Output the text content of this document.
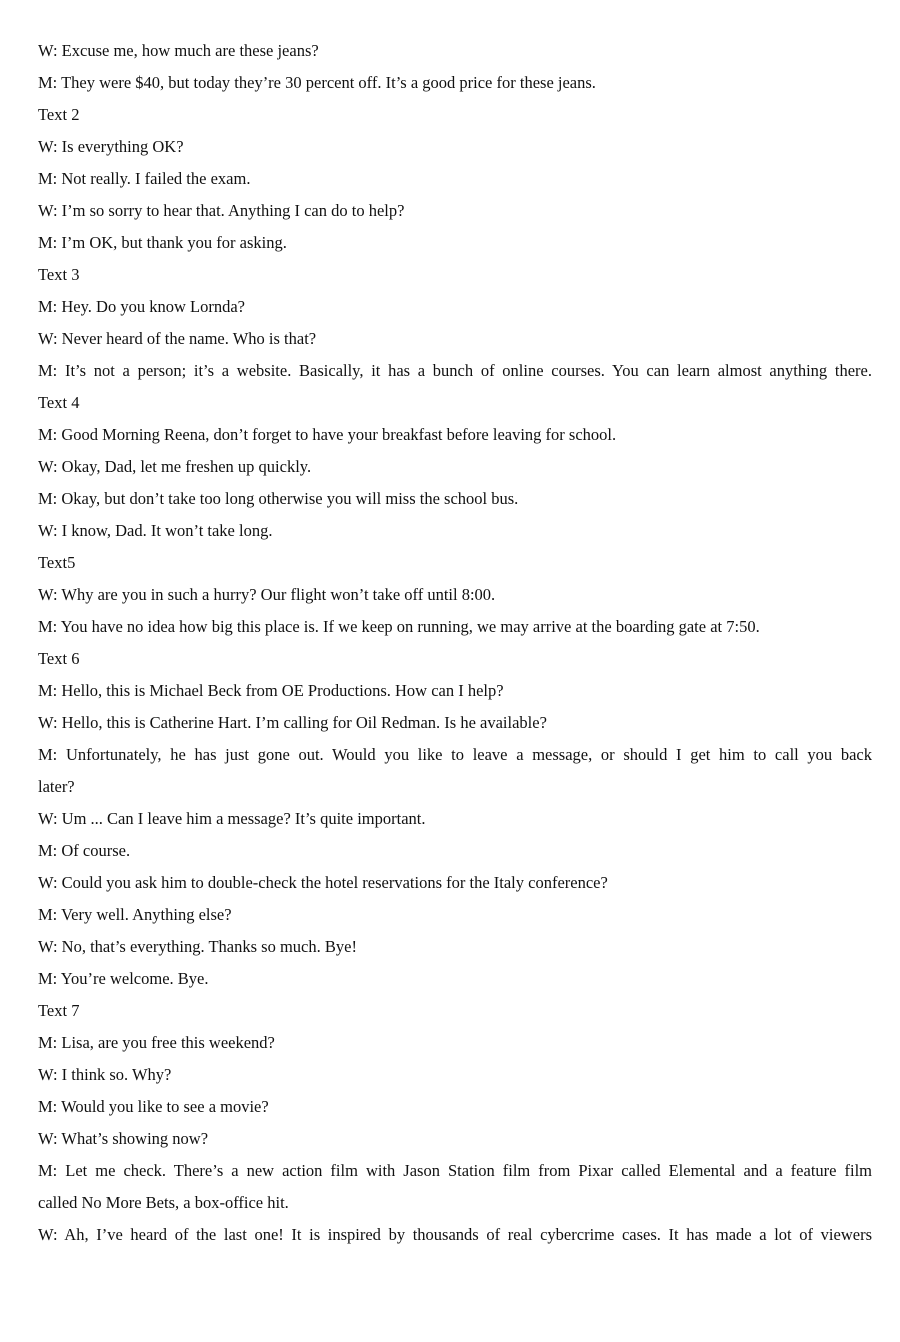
W: Excuse me, how much are these jeans?
M: They were $40, but today they’re 30 percent off. It’s a good price for these jeans.
Text 2
W: Is everything OK?
M: Not really. I failed the exam.
W: I’m so sorry to hear that. Anything I can do to help?
M: I’m OK, but thank you for asking.
Text 3
M: Hey. Do you know Lornda?
W: Never heard of the name. Who is that?
M: It’s not a person; it’s a website. Basically, it has a bunch of online courses. You can learn almost anything there.
Text 4
M: Good Morning Reena, don’t forget to have your breakfast before leaving for school.
W: Okay, Dad, let me freshen up quickly.
M: Okay, but don’t take too long otherwise you will miss the school bus.
W: I know, Dad. It won’t take long.
Text5
W: Why are you in such a hurry? Our flight won’t take off until 8:00.
M: You have no idea how big this place is. If we keep on running, we may arrive at the boarding gate at 7:50.
Text 6
M: Hello, this is Michael Beck from OE Productions. How can I help?
W: Hello, this is Catherine Hart. I’m calling for Oil Redman. Is he available?
M: Unfortunately, he has just gone out. Would you like to leave a message, or should I get him to call you back
later?
W: Um ... Can I leave him a message? It’s quite important.
M: Of course.
W: Could you ask him to double-check the hotel reservations for the Italy conference?
M: Very well. Anything else?
W: No, that’s everything. Thanks so much. Bye!
M: You’re welcome. Bye.
Text 7
M: Lisa, are you free this weekend?
W: I think so. Why?
M: Would you like to see a movie?
W: What’s showing now?
M: Let me check. There’s a new action film with Jason Station film from Pixar called Elemental and a feature film
called No More Bets, a box-office hit.
W: Ah, I’ve heard of the last one! It is inspired by thousands of real cybercrime cases. It has made a lot of viewers
